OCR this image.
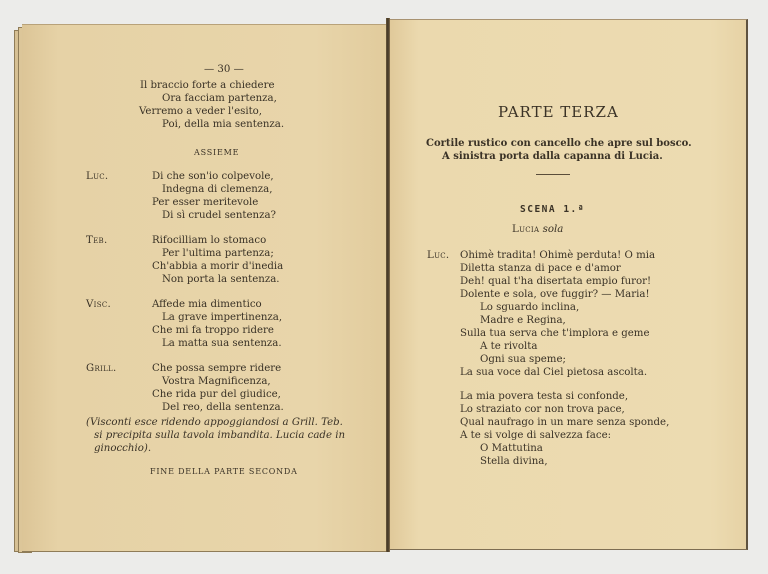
— 30 —
Il braccio forte a chiedere
Ora facciam partenza,
Verremo a veder l'esito,
Poi, della mia sentenza.
ASSIEME
Luc.	Di che son'io colpevole,
Indegna di clemenza,
Per esser meritevole
Di sì crudel sentenza?
Teb.	Rifocilliam lo stomaco
Per l'ultima partenza;
Ch'abbia a morir d'inedia
Non porta la sentenza.
Visc.	Affede mia dimentico
La grave impertinenza,
Che mi fa troppo ridere
La matta sua sentenza.
Grill.	Che possa sempre ridere
Vostra Magnificenza,
Che rida pur del giudice,
Del reo, della sentenza.
(Visconti esce ridendo appoggiandosi a Grill. Teb.
si precipita sulla tavola imbandita. Lucia cade in
ginocchio).
FINE DELLA PARTE SECONDA
PARTE TERZA
Cortile rustico con cancello che apre sul bosco.
A sinistra porta dalla capanna di Lucia.
SCENA 1.ª
Lucia sola
Luc. Ohimè tradita! Ohimè perduta! O mia
Diletta stanza di pace e d'amor
Deh! qual t'ha disertata empio furor!
Dolente e sola, ove fuggir? — Maria!
Lo sguardo inclina,
Madre e Regina,
Sulla tua serva che t'implora e geme
A te rivolta
Ogni sua speme;
La sua voce dal Ciel pietosa ascolta.
La mia povera testa si confonde,
Lo straziato cor non trova pace,
Qual naufrago in un mare senza sponde,
A te si volge di salvezza face:
O Mattutina
Stella divina,
